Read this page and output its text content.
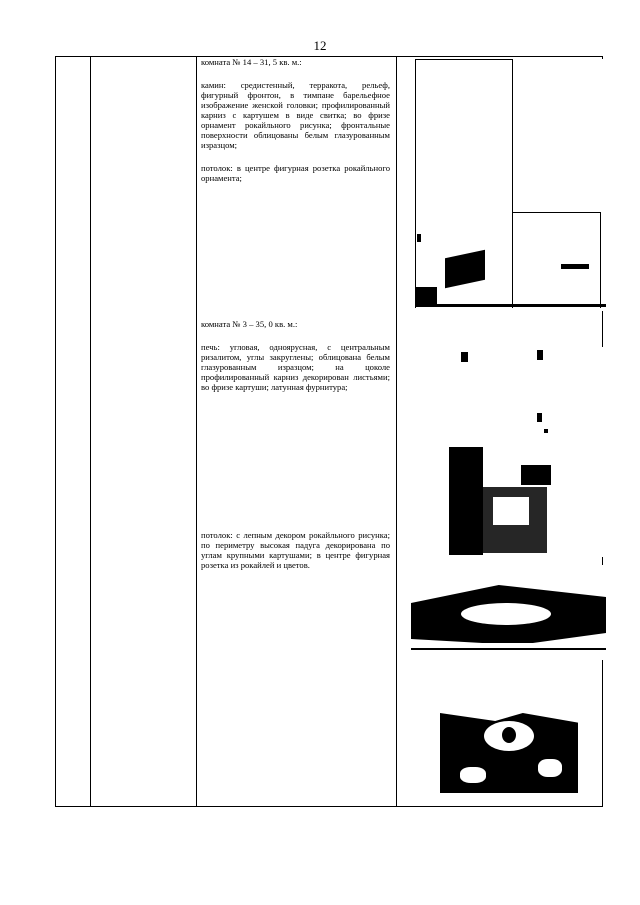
12

комната № 14 – 31, 5 кв. м.:

камин: средистенный, терракота, рельеф, фигурный фронтон, в тимпане барельефное изображение женской головки; профилированный карниз с картушем в виде свитка; во фризе орнамент рокайльного рисунка; фронтальные поверхности облицованы белым глазурованным изразцом;

потолок: в центре фигурная розетка рокайльного орнамента;

комната № 3 – 35, 0 кв. м.:

печь: угловая, одноярусная, с центральным ризалитом, углы закруглены; облицована белым глазурованным изразцом; на цоколе профилированный карниз декорирован листьями; во фризе картуши; латунная фурнитура;

потолок: с лепным декором рокайльного рисунка; по периметру высокая падуга декорирована по углам крупными картушами; в центре фигурная розетка из рокайлей и цветов.
